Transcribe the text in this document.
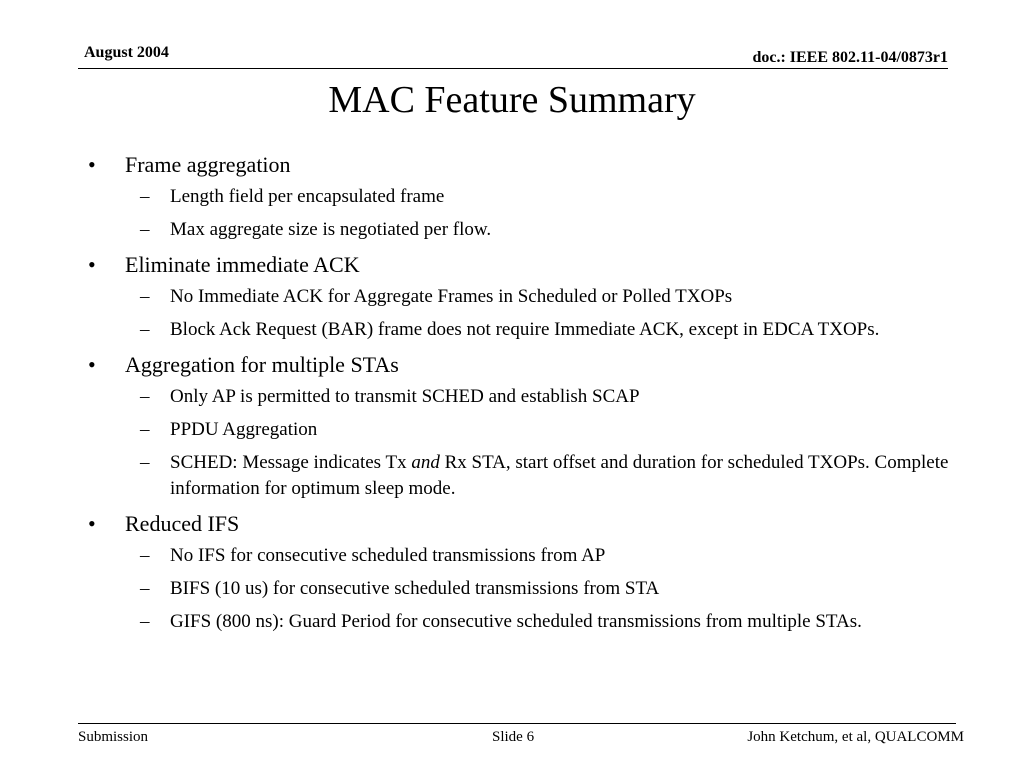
August 2004	doc.: IEEE 802.11-04/0873r1
MAC Feature Summary
• Frame aggregation
– Length field per encapsulated frame
– Max aggregate size is negotiated per flow.
• Eliminate immediate ACK
– No Immediate ACK for Aggregate Frames in Scheduled or Polled TXOPs
– Block Ack Request (BAR) frame does not require Immediate ACK, except in EDCA TXOPs.
• Aggregation for multiple STAs
– Only AP is permitted to transmit SCHED and establish SCAP
– PPDU Aggregation
– SCHED: Message indicates Tx and Rx STA, start offset and duration for scheduled TXOPs. Complete information for optimum sleep mode.
• Reduced IFS
– No IFS for consecutive scheduled transmissions from AP
– BIFS (10 us) for consecutive scheduled transmissions from STA
– GIFS (800 ns): Guard Period for consecutive scheduled transmissions from multiple STAs.
Submission	Slide 6	John Ketchum, et al, QUALCOMM
